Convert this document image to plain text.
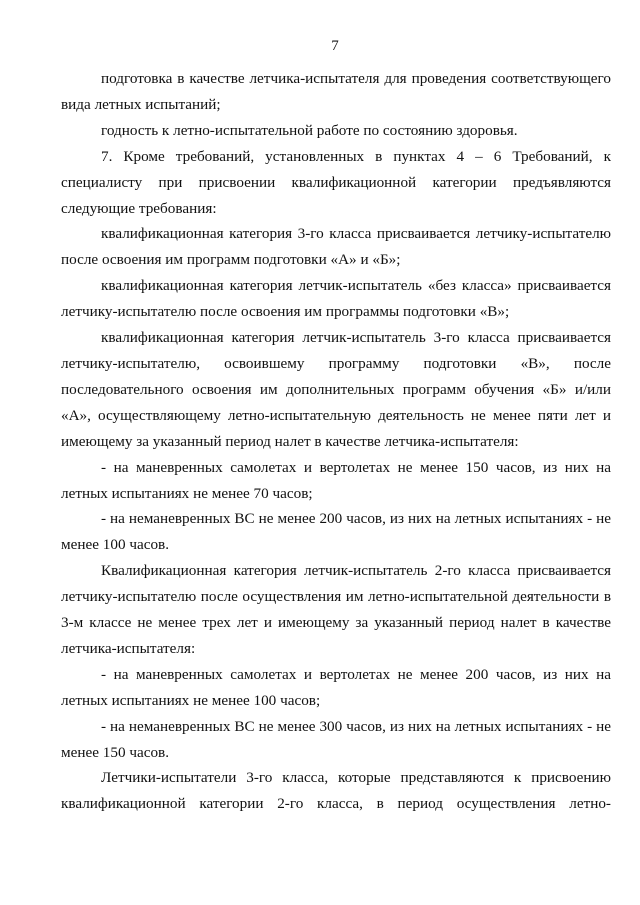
7

подготовка в качестве летчика-испытателя для проведения соответствующего вида летных испытаний;

годность к летно-испытательной работе по состоянию здоровья.

7. Кроме требований, установленных в пунктах 4 – 6 Требований, к специалисту при присвоении квалификационной категории предъявляются следующие требования:

квалификационная категория 3-го класса присваивается летчику-испытателю после освоения им программ подготовки «А» и «Б»;

квалификационная категория летчик-испытатель «без класса» присваивается летчику-испытателю после освоения им программы подготовки «В»;

квалификационная категория летчик-испытатель 3-го класса присваивается летчику-испытателю, освоившему программу подготовки «В», после последовательного освоения им дополнительных программ обучения «Б» и/или «А», осуществляющему летно-испытательную деятельность не менее пяти лет и имеющему за указанный период налет в качестве летчика-испытателя:

- на маневренных самолетах и вертолетах не менее 150 часов, из них на летных испытаниях не менее 70 часов;

- на неманевренных ВС не менее 200 часов, из них на летных испытаниях - не менее 100 часов.

Квалификационная категория летчик-испытатель 2-го класса присваивается летчику-испытателю после осуществления им летно-испытательной деятельности в 3-м классе не менее трех лет и имеющему за указанный период налет в качестве летчика-испытателя:

- на маневренных самолетах и вертолетах не менее 200 часов, из них на летных испытаниях не менее 100 часов;

- на неманевренных ВС не менее 300 часов, из них на летных испытаниях - не менее 150 часов.

Летчики-испытатели 3-го класса, которые представляются к присвоению квалификационной категории 2-го класса, в период осуществления летно-
